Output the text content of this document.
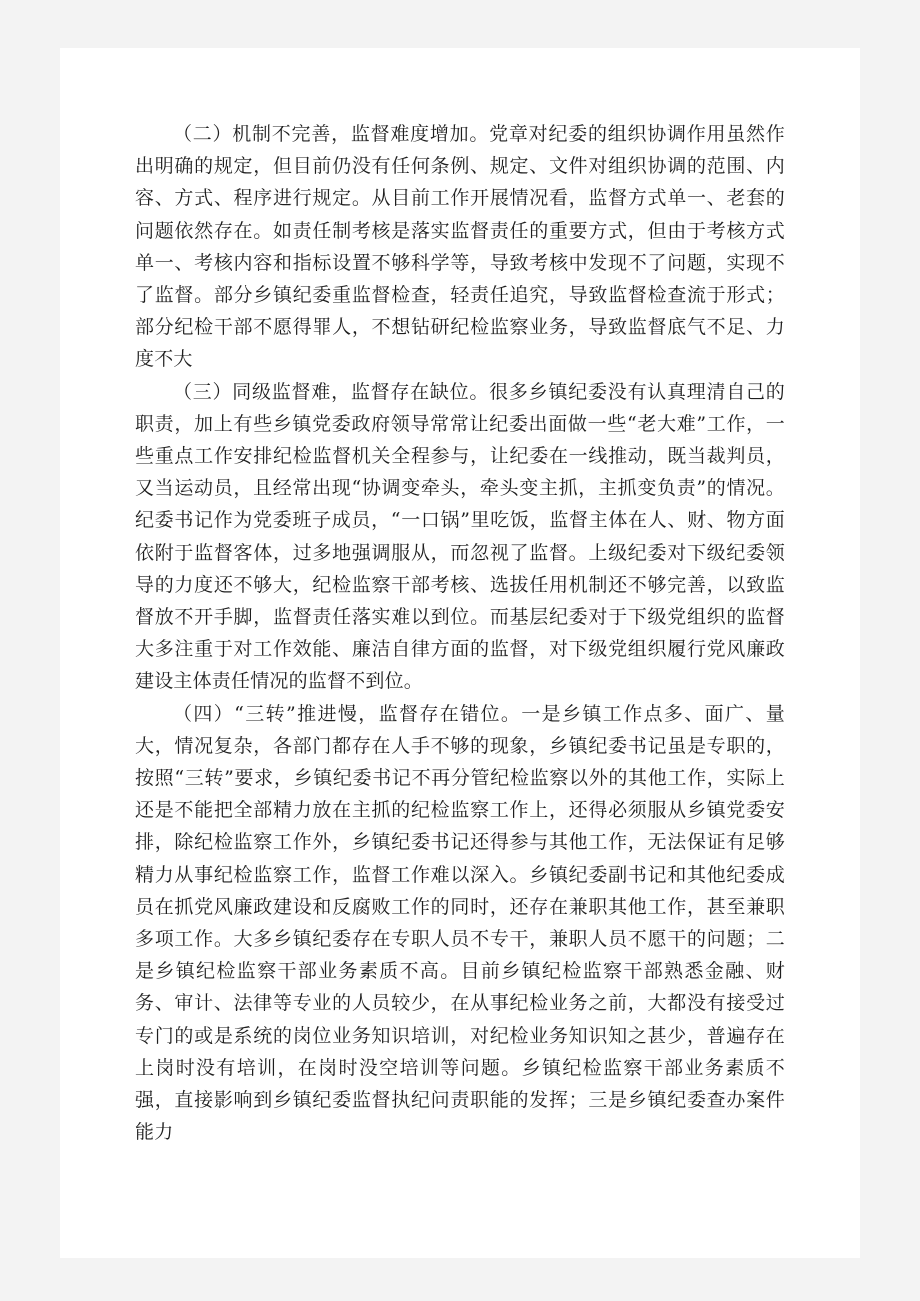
（二）机制不完善，监督难度增加。党章对纪委的组织协调作用虽然作出明确的规定，但目前仍没有任何条例、规定、文件对组织协调的范围、内容、方式、程序进行规定。从目前工作开展情况看，监督方式单一、老套的问题依然存在。如责任制考核是落实监督责任的重要方式，但由于考核方式单一、考核内容和指标设置不够科学等，导致考核中发现不了问题，实现不了监督。部分乡镇纪委重监督检查，轻责任追究，导致监督检查流于形式；部分纪检干部不愿得罪人，不想钻研纪检监察业务，导致监督底气不足、力度不大

（三）同级监督难，监督存在缺位。很多乡镇纪委没有认真理清自己的职责，加上有些乡镇党委政府领导常常让纪委出面做一些“老大难”工作，一些重点工作安排纪检监督机关全程参与，让纪委在一线推动，既当裁判员，又当运动员，且经常出现“协调变牵头，牵头变主抓，主抓变负责”的情况。纪委书记作为党委班子成员，“一口锅”里吃饭，监督主体在人、财、物方面依附于监督客体，过多地强调服从，而忽视了监督。上级纪委对下级纪委领导的力度还不够大，纪检监察干部考核、选拔任用机制还不够完善，以致监督放不开手脚，监督责任落实难以到位。而基层纪委对于下级党组织的监督大多注重于对工作效能、廉洁自律方面的监督，对下级党组织履行党风廉政建设主体责任情况的监督不到位。

（四）“三转”推进慢，监督存在错位。一是乡镇工作点多、面广、量大，情况复杂，各部门都存在人手不够的现象，乡镇纪委书记虽是专职的，按照“三转”要求，乡镇纪委书记不再分管纪检监察以外的其他工作，实际上还是不能把全部精力放在主抓的纪检监察工作上，还得必须服从乡镇党委安排，除纪检监察工作外，乡镇纪委书记还得参与其他工作，无法保证有足够精力从事纪检监察工作，监督工作难以深入。乡镇纪委副书记和其他纪委成员在抓党风廉政建设和反腐败工作的同时，还存在兼职其他工作，甚至兼职多项工作。大多乡镇纪委存在专职人员不专干，兼职人员不愿干的问题；二是乡镇纪检监察干部业务素质不高。目前乡镇纪检监察干部熟悉金融、财务、审计、法律等专业的人员较少，在从事纪检业务之前，大都没有接受过专门的或是系统的岗位业务知识培训，对纪检业务知识知之甚少，普遍存在上岗时没有培训，在岗时没空培训等问题。乡镇纪检监察干部业务素质不强，直接影响到乡镇纪委监督执纪问责职能的发挥；三是乡镇纪委查办案件能力
